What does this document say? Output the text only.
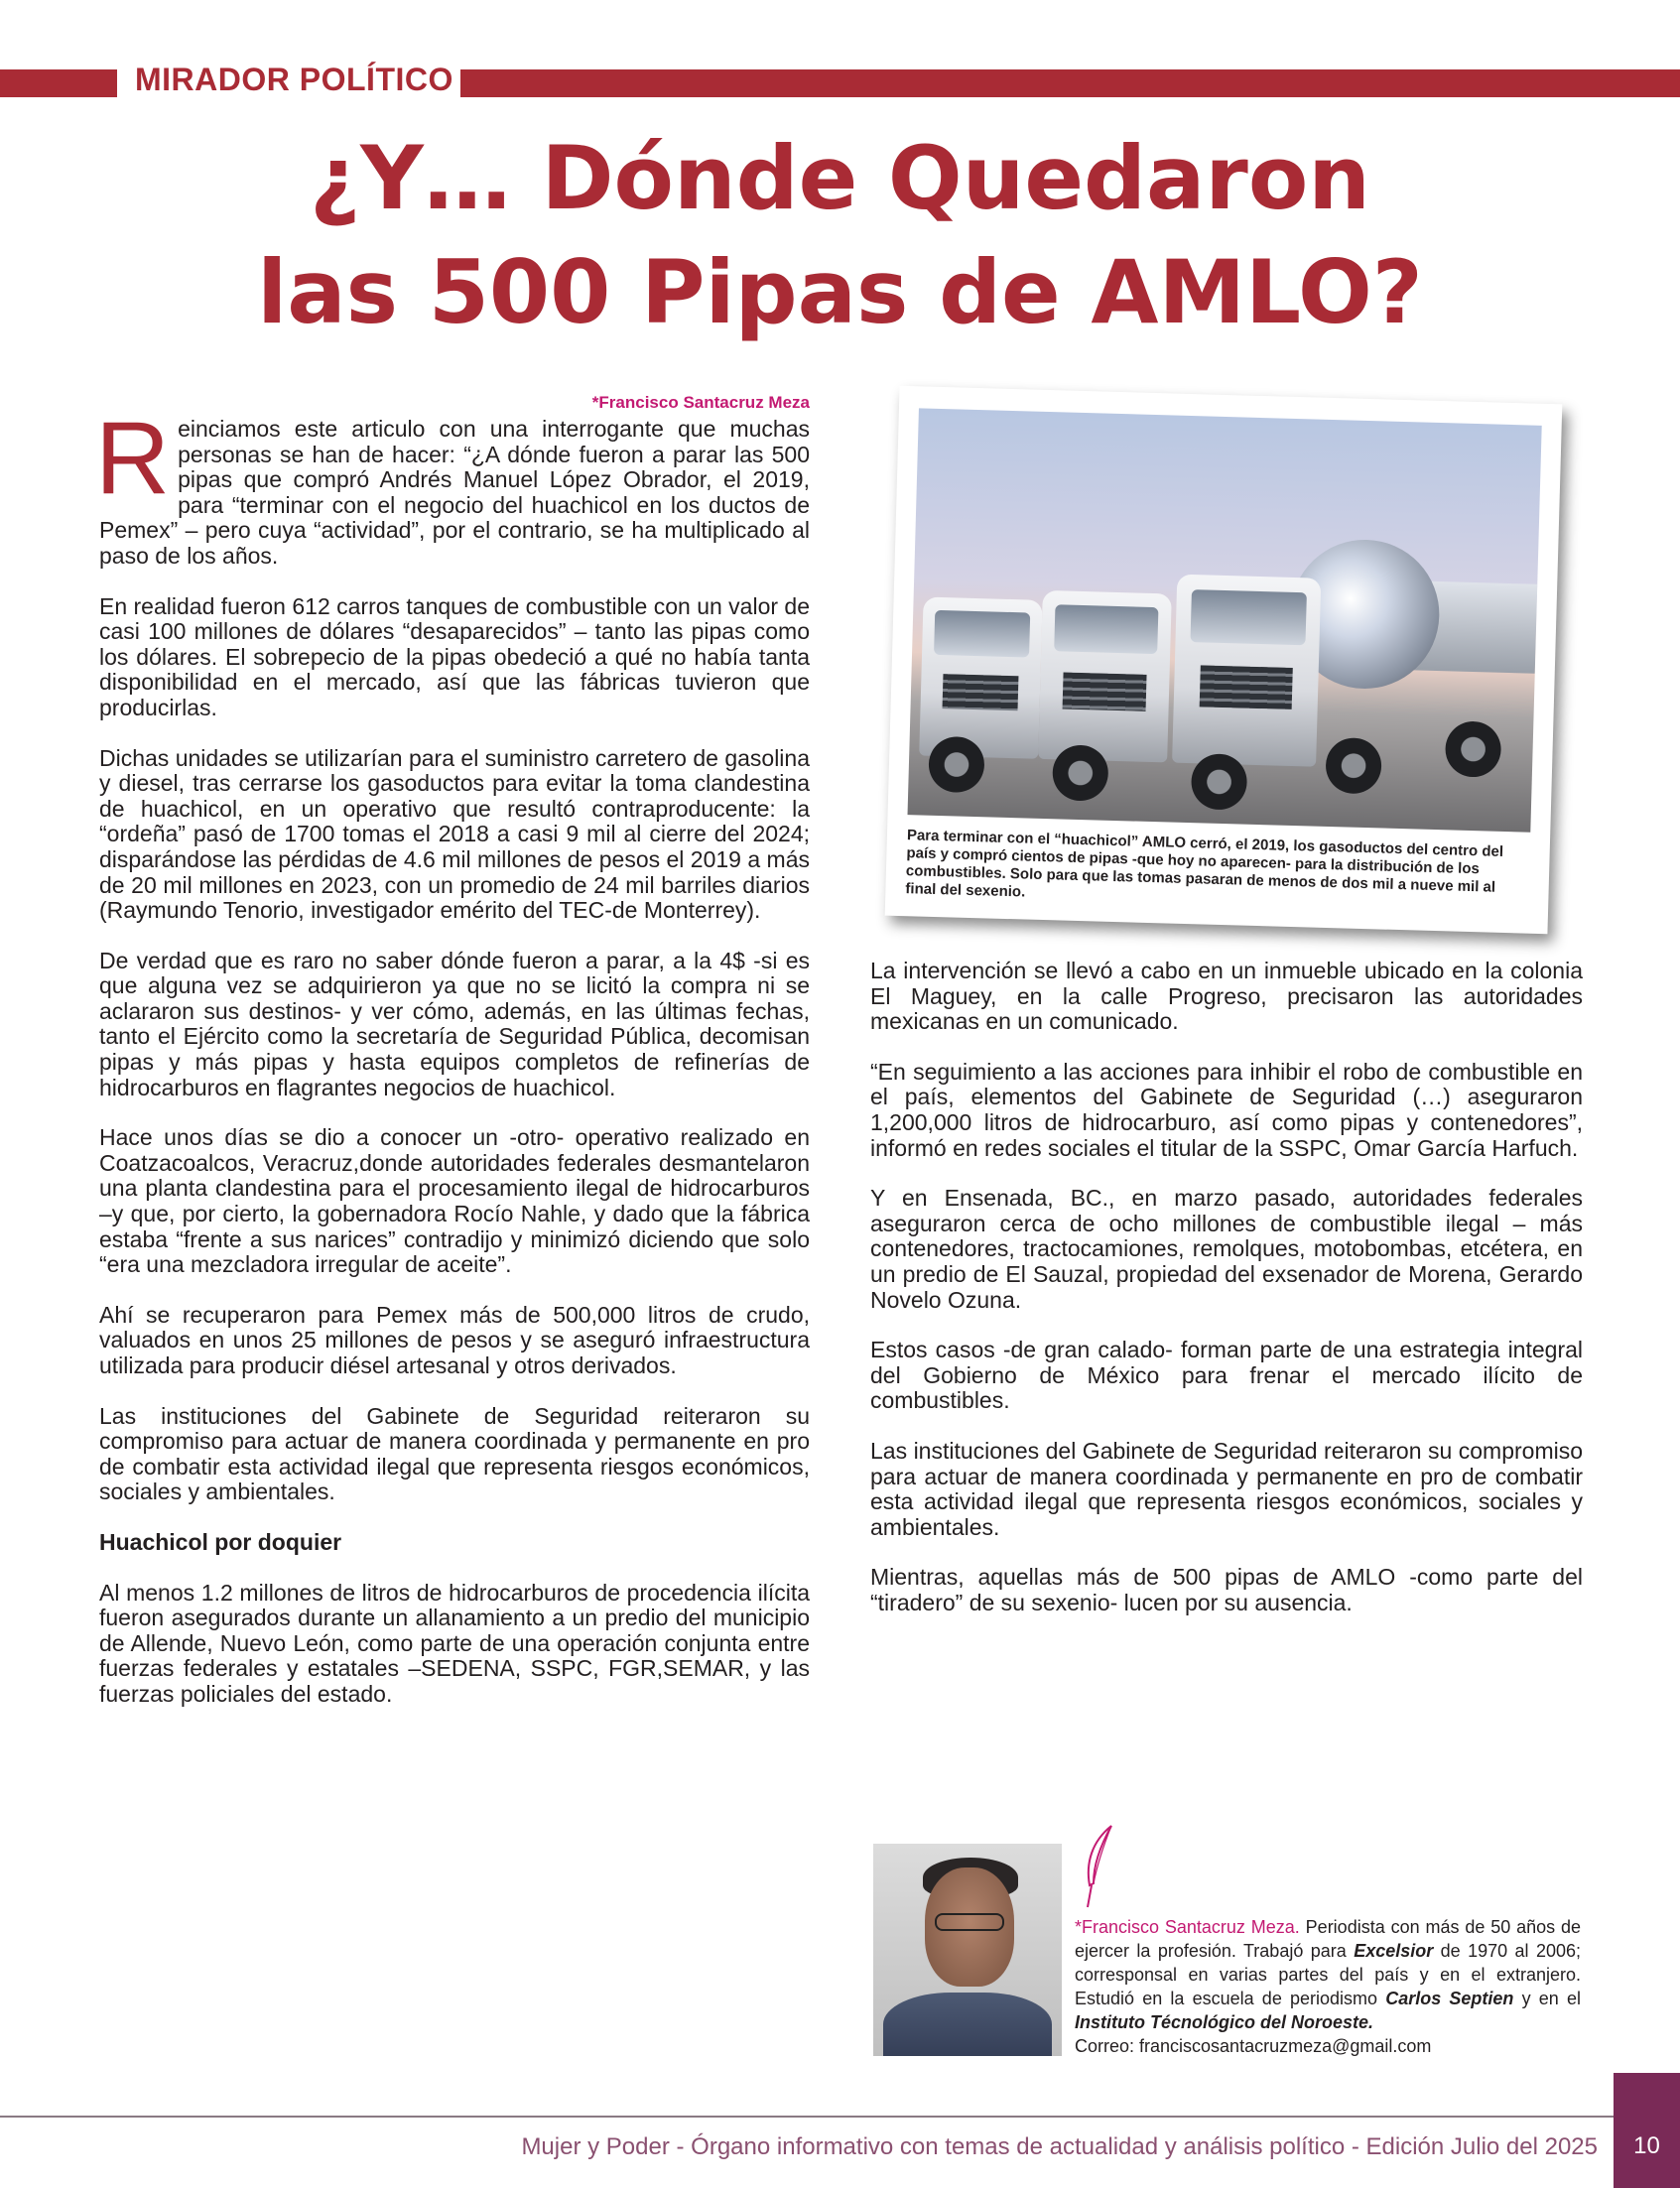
MIRADOR POLÍTICO
¿Y… Dónde Quedaron
las 500 Pipas de AMLO?
*Francisco Santacruz Meza

Reinciamos este articulo con una interrogante que muchas personas se han de hacer: “¿A dónde fueron a parar las 500 pipas que compró Andrés Manuel López Obrador, el 2019, para “terminar con el negocio del huachicol en los ductos de Pemex” – pero cuya “actividad”, por el contrario, se ha multiplicado al paso de los años.

En realidad fueron 612 carros tanques de combustible con un valor de casi 100 millones de dólares “desaparecidos” – tanto las pipas como los dólares. El sobrepecio de la pipas obedeció a qué no había tanta disponibilidad en el mercado, así que las fábricas tuvieron que producirlas.

Dichas unidades se utilizarían para el suministro carretero de gasolina y diesel, tras cerrarse los gasoductos para evitar la toma clandestina de huachicol, en un operativo que resultó contraproducente: la “ordeña” pasó de 1700 tomas el 2018 a casi 9 mil al cierre del 2024; disparándose las pérdidas de 4.6 mil millones de pesos el 2019 a más de 20 mil millones en 2023, con un promedio de 24 mil barriles diarios (Raymundo Tenorio, investigador emérito del TEC-de Monterrey).

De verdad que es raro no saber dónde fueron a parar, a la 4$ -si es que alguna vez se adquirieron ya que no se licitó la compra ni se aclararon sus destinos- y ver cómo, además, en las últimas fechas, tanto el Ejército como la secretaría de Seguridad Pública, decomisan pipas y más pipas y hasta equipos completos de refinerías de hidrocarburos en flagrantes negocios de huachicol.

Hace unos días se dio a conocer un -otro- operativo realizado en Coatzacoalcos, Veracruz,donde autoridades federales desmantelaron una planta clandestina para el procesamiento ilegal de hidrocarburos –y que, por cierto, la gobernadora Rocío Nahle, y dado que la fábrica estaba “frente a sus narices” contradijo y minimizó diciendo que solo “era una mezcladora irregular de aceite”.

Ahí se recuperaron para Pemex más de 500,000 litros de crudo, valuados en unos 25 millones de pesos y se aseguró infraestructura utilizada para producir diésel artesanal y otros derivados.

Las instituciones del Gabinete de Seguridad reiteraron su compromiso para actuar de manera coordinada y permanente en pro de combatir esta actividad ilegal que representa riesgos económicos, sociales y ambientales.

Huachicol por doquier

Al menos 1.2 millones de litros de hidrocarburos de procedencia ilícita fueron asegurados durante un allanamiento a un predio del municipio de Allende, Nuevo León, como parte de una operación conjunta entre fuerzas federales y estatales –SEDENA, SSPC, FGR,SEMAR, y las fuerzas policiales del estado.

Para terminar con el “huachicol” AMLO cerró, el 2019, los gasoductos del centro del país y compró cientos de pipas -que hoy no aparecen- para la distribución de los combustibles. Solo para que las tomas pasaran de menos de dos mil a nueve mil al final del sexenio.

La intervención se llevó a cabo en un inmueble ubicado en la colonia El Maguey, en la calle Progreso, precisaron las autoridades mexicanas en un comunicado.

“En seguimiento a las acciones para inhibir el robo de combustible en el país, elementos del Gabinete de Seguridad (…) aseguraron 1,200,000 litros de hidrocarburo, así como pipas y contenedores”, informó en redes sociales el titular de la SSPC, Omar García Harfuch.

Y en Ensenada, BC., en marzo pasado, autoridades federales aseguraron cerca de ocho millones de combustible ilegal – más contenedores, tractocamiones, remolques, motobombas, etcétera, en un predio de El Sauzal, propiedad del exsenador de Morena, Gerardo Novelo Ozuna.

Estos casos -de gran calado- forman parte de una estrategia integral del Gobierno de México para frenar el mercado ilícito de combustibles.

Las instituciones del Gabinete de Seguridad reiteraron su compromiso para actuar de manera coordinada y permanente en pro de combatir esta actividad ilegal que representa riesgos económicos, sociales y ambientales.

Mientras, aquellas más de 500 pipas de AMLO -como parte del “tiradero” de su sexenio- lucen por su ausencia.

*Francisco Santacruz Meza. Periodista con más de 50 años de ejercer la profesión. Trabajó para Excelsior de 1970 al 2006; corresponsal en varias partes del país y en el extranjero. Estudió en la escuela de periodismo Carlos Septien y en el Instituto Técnológico del Noroeste.
Correo: franciscosantacruzmeza@gmail.com
Mujer y Poder - Órgano informativo con temas de actualidad y análisis político - Edición Julio del 2025	10
